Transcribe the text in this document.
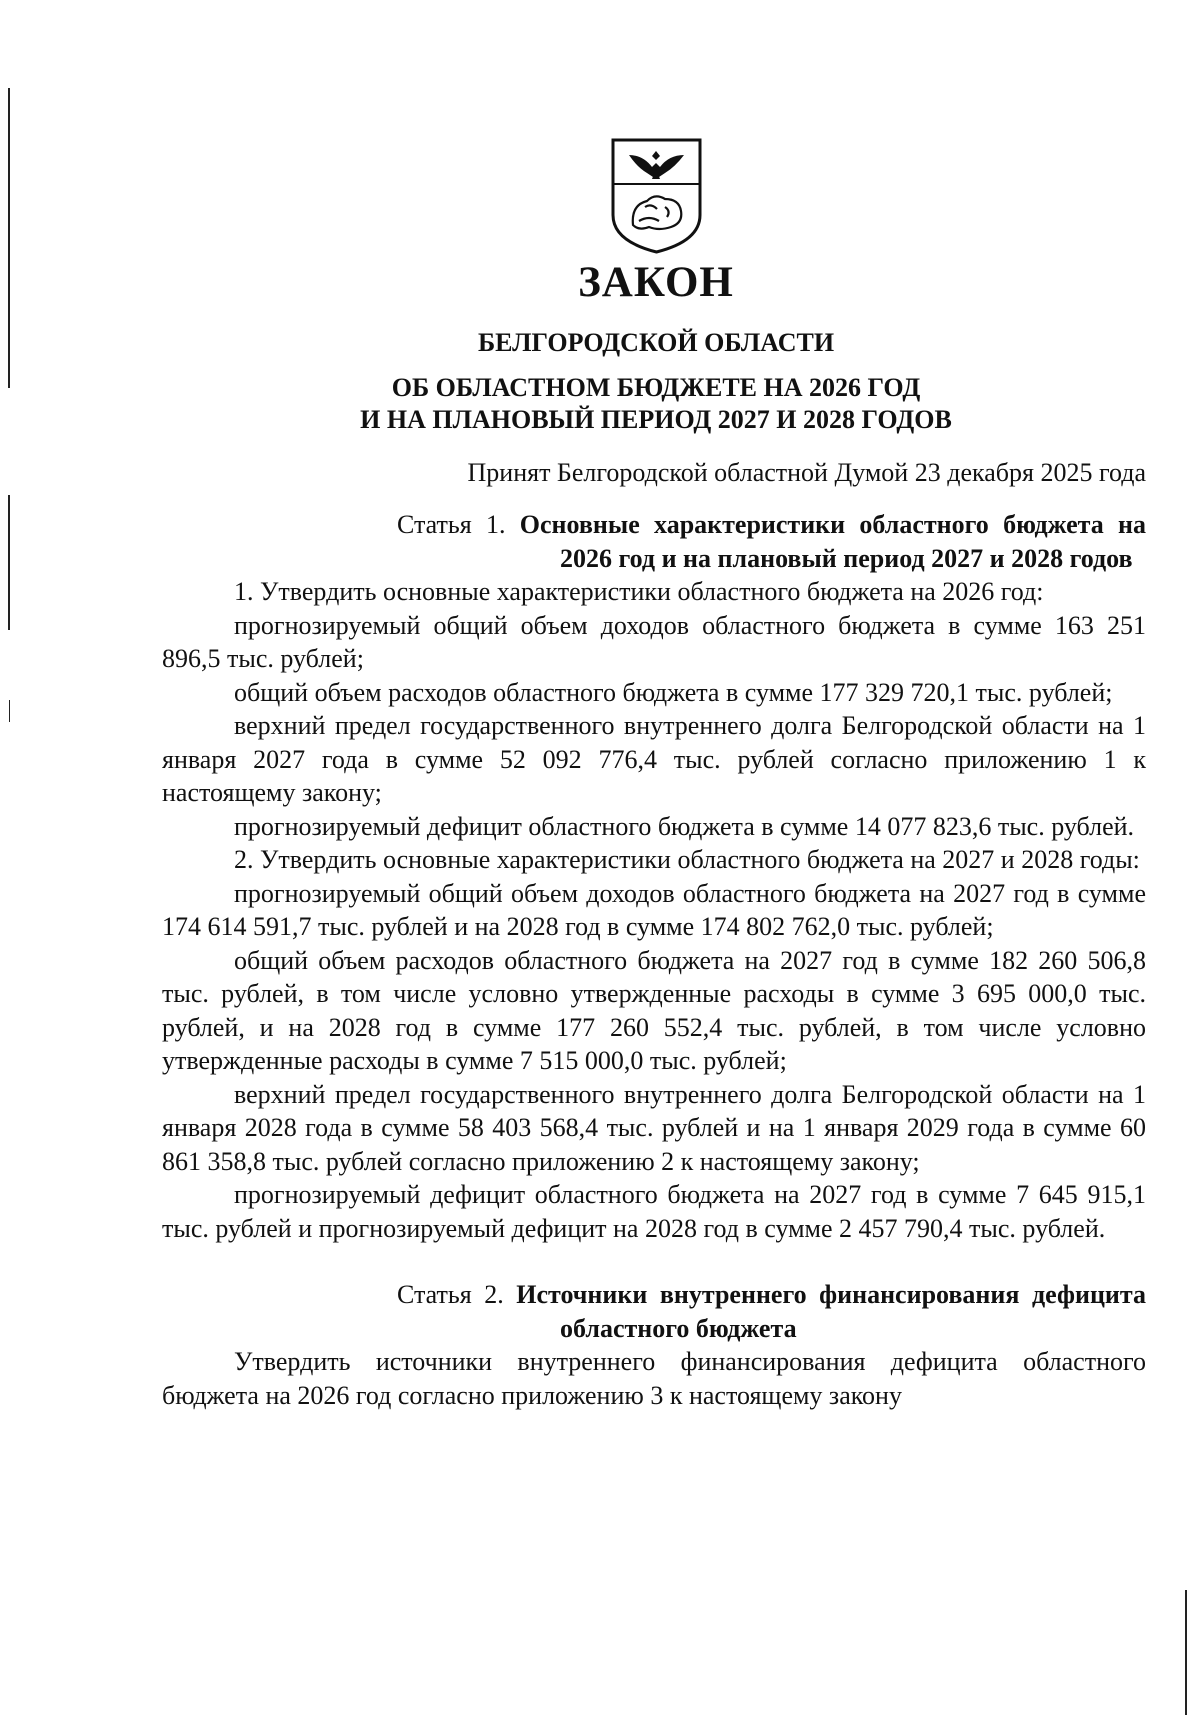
ЗАКОН
БЕЛГОРОДСКОЙ ОБЛАСТИ
ОБ ОБЛАСТНОМ БЮДЖЕТЕ НА 2026 ГОД
И НА ПЛАНОВЫЙ ПЕРИОД 2027 И 2028 ГОДОВ
Принят Белгородской областной Думой 23 декабря 2025 года

Статья 1. Основные характеристики областного бюджета на 2026 год и на плановый период 2027 и 2028 годов

1. Утвердить основные характеристики областного бюджета на 2026 год:

прогнозируемый общий объем доходов областного бюджета в сумме 163 251 896,5 тыс. рублей;

общий объем расходов областного бюджета в сумме 177 329 720,1 тыс. рублей;

верхний предел государственного внутреннего долга Белгородской области на 1 января 2027 года в сумме 52 092 776,4 тыс. рублей согласно приложению 1 к настоящему закону;

прогнозируемый дефицит областного бюджета в сумме 14 077 823,6 тыс. рублей.

2. Утвердить основные характеристики областного бюджета на 2027 и 2028 годы:

прогнозируемый общий объем доходов областного бюджета на 2027 год в сумме 174 614 591,7 тыс. рублей и на 2028 год в сумме 174 802 762,0 тыс. рублей;

общий объем расходов областного бюджета на 2027 год в сумме 182 260 506,8 тыс. рублей, в том числе условно утвержденные расходы в сумме 3 695 000,0 тыс. рублей, и на 2028 год в сумме 177 260 552,4 тыс. рублей, в том числе условно утвержденные расходы в сумме 7 515 000,0 тыс. рублей;

верхний предел государственного внутреннего долга Белгородской области на 1 января 2028 года в сумме 58 403 568,4 тыс. рублей и на 1 января 2029 года в сумме 60 861 358,8 тыс. рублей согласно приложению 2 к настоящему закону;

прогнозируемый дефицит областного бюджета на 2027 год в сумме 7 645 915,1 тыс. рублей и прогнозируемый дефицит на 2028 год в сумме 2 457 790,4 тыс. рублей.

Статья 2. Источники внутреннего финансирования дефицита областного бюджета

Утвердить источники внутреннего финансирования дефицита областного бюджета на 2026 год согласно приложению 3 к настоящему закону
